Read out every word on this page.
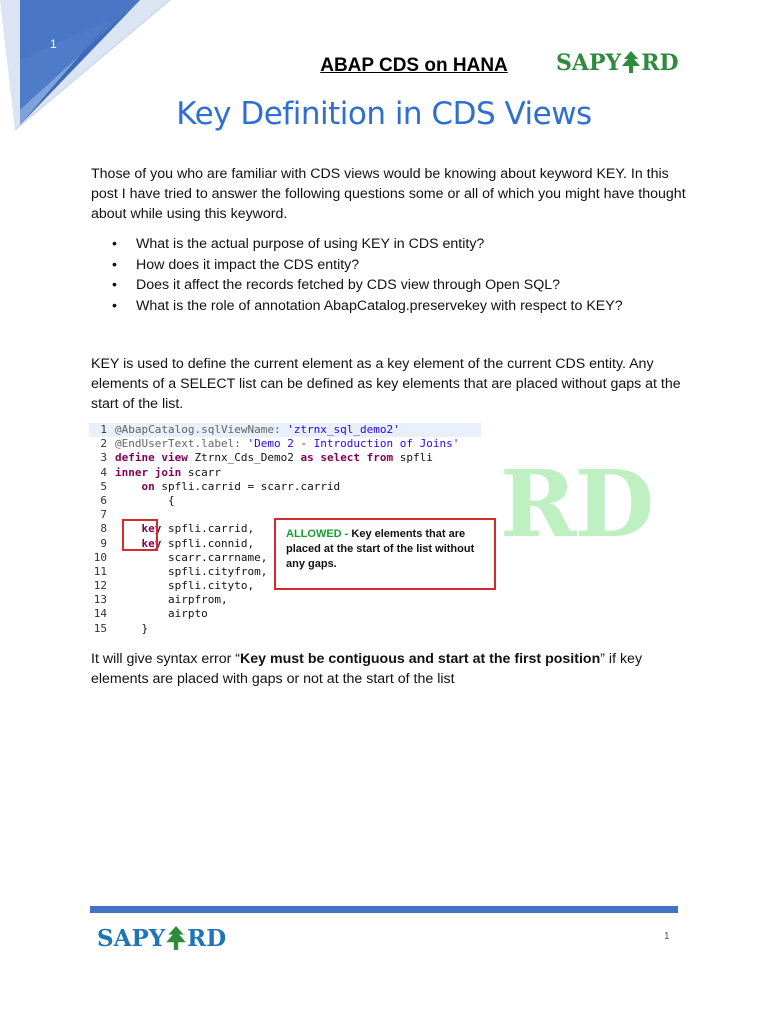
1
ABAP CDS on HANA	SAPY RD
Key Definition in CDS Views
Those of you who are familiar with CDS views would be knowing about keyword KEY. In this post I have tried to answer the following questions some or all of which you might have thought about while using this keyword.
• What is the actual purpose of using KEY in CDS entity?
• How does it impact the CDS entity?
• Does it affect the records fetched by CDS view through Open SQL?
• What is the role of annotation AbapCatalog.preservekey with respect to KEY?
KEY is used to define the current element as a key element of the current CDS entity. Any elements of a SELECT list can be defined as key elements that are placed without gaps at the start of the list.
RD
1 @AbapCatalog.sqlViewName: 'ztrnx_sql_demo2'
2 @EndUserText.label: 'Demo 2 - Introduction of Joins'
3 define view Ztrnx_Cds_Demo2 as select from spfli
4 inner join scarr
5	on spfli.carrid = scarr.carrid
6	{
7
8	key spfli.carrid,
9	key spfli.connid,
10	scarr.carrname,
11	spfli.cityfrom,
12	spfli.cityto,
13	airpfrom,
14	airpto
15	}
ALLOWED - Key elements that are placed at the start of the list without any gaps.
It will give syntax error “Key must be contiguous and start at the first position” if key elements are placed with gaps or not at the start of the list
SAPY RD	1
